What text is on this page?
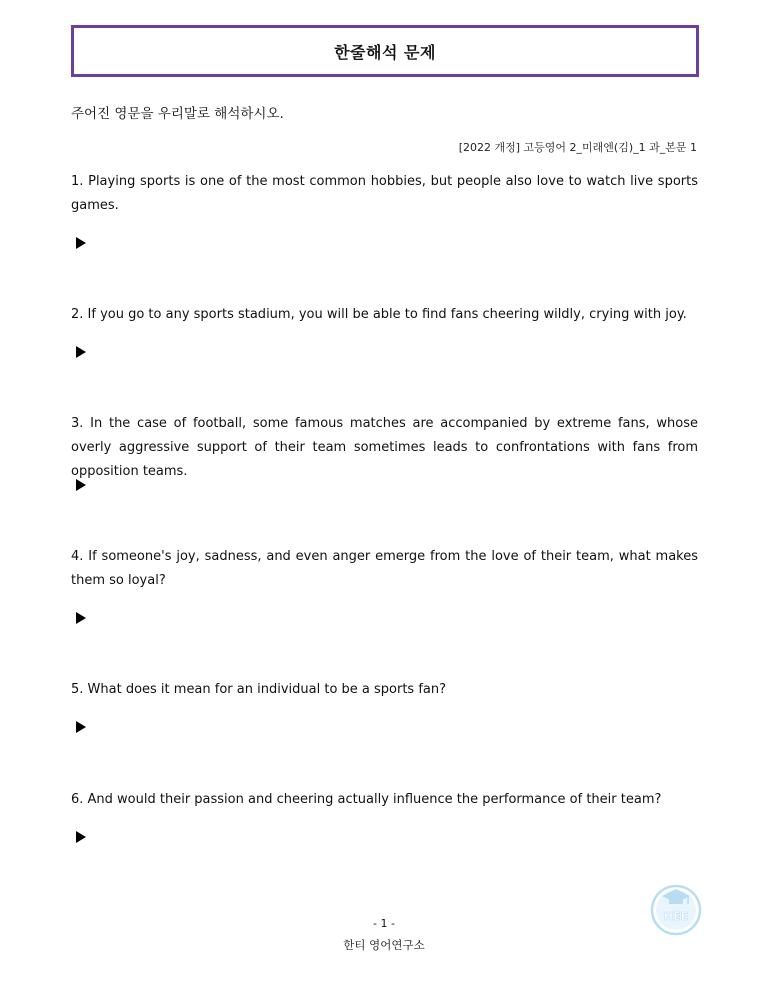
한줄해석 문제
주어진 영문을 우리말로 해석하시오.
[2022 개정] 고등영어 2_미래엔(김)_1 과_본문 1
1. Playing sports is one of the most common hobbies, but people also love to watch live sports games.
2. If you go to any sports stadium, you will be able to find fans cheering wildly, crying with joy.
3. In the case of football, some famous matches are accompanied by extreme fans, whose overly aggressive support of their team sometimes leads to confrontations with fans from opposition teams.
4. If someone's joy, sadness, and even anger emerge from the love of their team, what makes them so loyal?
5. What does it mean for an individual to be a sports fan?
6. And would their passion and cheering actually influence the performance of their team?
- 1 -
한티 영어연구소
HEE
